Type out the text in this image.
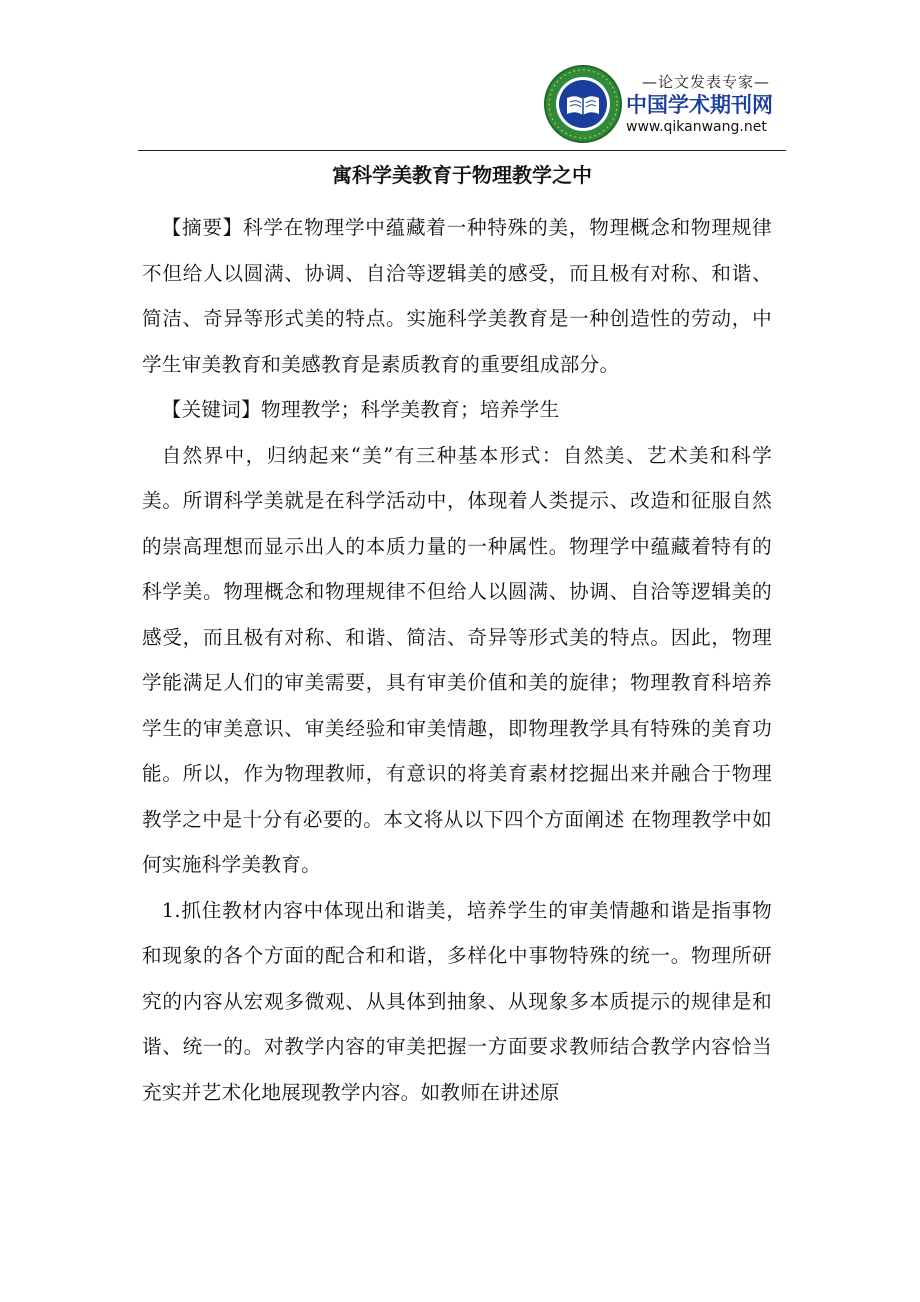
—论文发表专家—
中国学术期刊网
www.qikanwang.net
寓科学美教育于物理教学之中

【摘要】科学在物理学中蕴藏着一种特殊的美，物理概念和物理规律不但给人以圆满、协调、自洽等逻辑美的感受，而且极有对称、和谐、简洁、奇异等形式美的特点。实施科学美教育是一种创造性的劳动，中学生审美教育和美感教育是素质教育的重要组成部分。

【关键词】物理教学；科学美教育；培养学生

自然界中，归纳起来“美”有三种基本形式：自然美、艺术美和科学美。所谓科学美就是在科学活动中，体现着人类提示、改造和征服自然的崇高理想而显示出人的本质力量的一种属性。物理学中蕴藏着特有的科学美。物理概念和物理规律不但给人以圆满、协调、自洽等逻辑美的感受，而且极有对称、和谐、简洁、奇异等形式美的特点。因此，物理学能满足人们的审美需要，具有审美价值和美的旋律；物理教育科培养学生的审美意识、审美经验和审美情趣，即物理教学具有特殊的美育功能。所以，作为物理教师，有意识的将美育素材挖掘出来并融合于物理教学之中是十分有必要的。本文将从以下四个方面阐述 在物理教学中如何实施科学美教育。

1.抓住教材内容中体现出和谐美，培养学生的审美情趣和谐是指事物和现象的各个方面的配合和和谐，多样化中事物特殊的统一。物理所研究的内容从宏观多微观、从具体到抽象、从现象多本质提示的规律是和谐、统一的。对教学内容的审美把握一方面要求教师结合教学内容恰当充实并艺术化地展现教学内容。如教师在讲述原
